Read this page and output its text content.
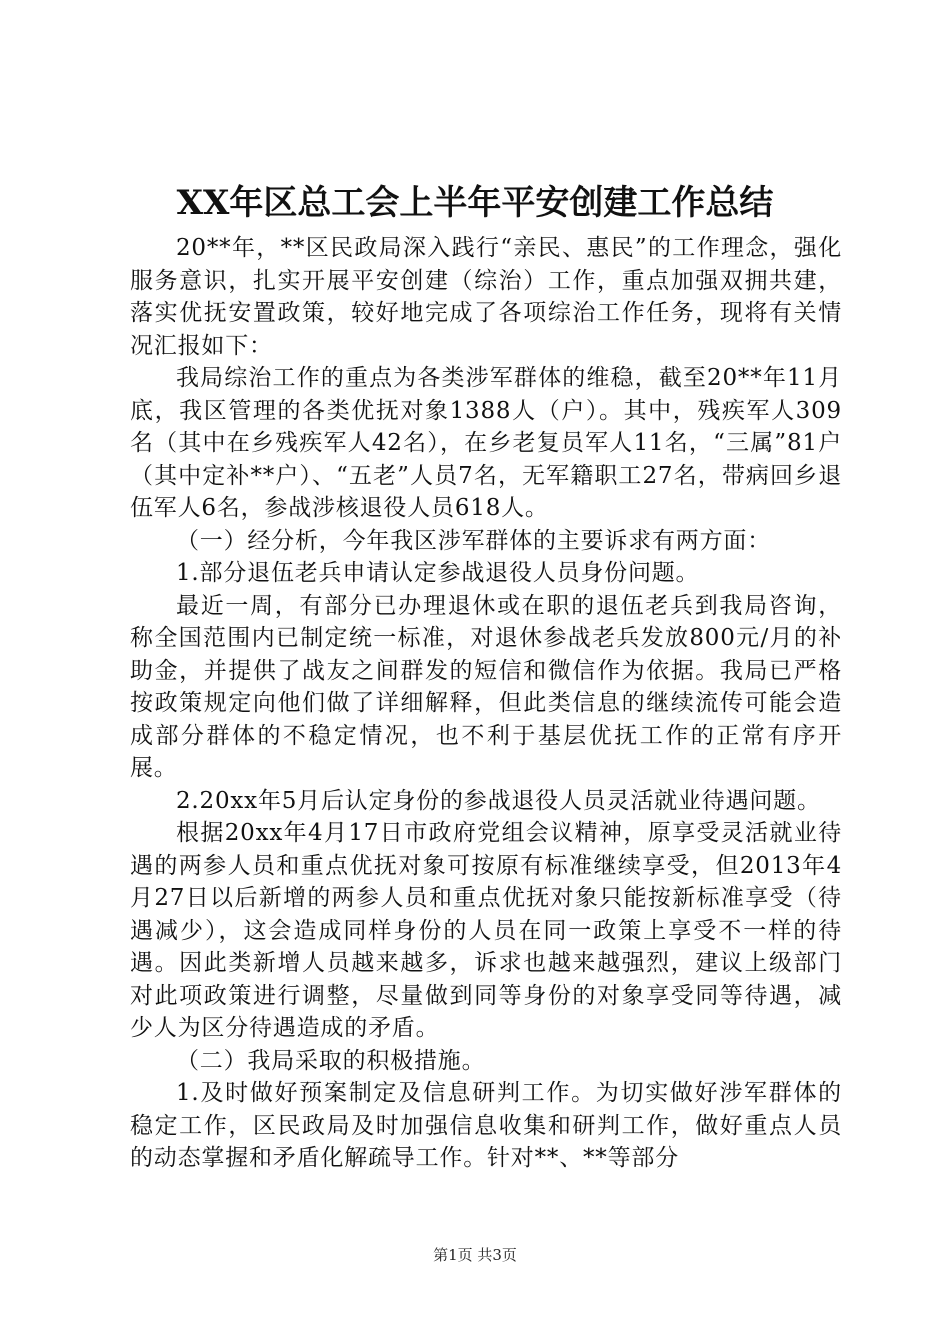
XX年区总工会上半年平安创建工作总结

20**年，**区民政局深入践行“亲民、惠民”的工作理念，强化服务意识，扎实开展平安创建（综治）工作，重点加强双拥共建，落实优抚安置政策，较好地完成了各项综治工作任务，现将有关情况汇报如下：

我局综治工作的重点为各类涉军群体的维稳，截至20**年11月底，我区管理的各类优抚对象1388人（户）。其中，残疾军人309名（其中在乡残疾军人42名），在乡老复员军人11名，“三属”81户（其中定补**户）、“五老”人员7名，无军籍职工27名，带病回乡退伍军人6名，参战涉核退役人员618人。

（一）经分析，今年我区涉军群体的主要诉求有两方面：

1.部分退伍老兵申请认定参战退役人员身份问题。

最近一周，有部分已办理退休或在职的退伍老兵到我局咨询，称全国范围内已制定统一标准，对退休参战老兵发放800元/月的补助金，并提供了战友之间群发的短信和微信作为依据。我局已严格按政策规定向他们做了详细解释，但此类信息的继续流传可能会造成部分群体的不稳定情况，也不利于基层优抚工作的正常有序开展。

2.20xx年5月后认定身份的参战退役人员灵活就业待遇问题。

根据20xx年4月17日市政府党组会议精神，原享受灵活就业待遇的两参人员和重点优抚对象可按原有标准继续享受，但2013年4月27日以后新增的两参人员和重点优抚对象只能按新标准享受（待遇减少），这会造成同样身份的人员在同一政策上享受不一样的待遇。因此类新增人员越来越多，诉求也越来越强烈，建议上级部门对此项政策进行调整，尽量做到同等身份的对象享受同等待遇，减少人为区分待遇造成的矛盾。

（二）我局采取的积极措施。

1.及时做好预案制定及信息研判工作。为切实做好涉军群体的稳定工作，区民政局及时加强信息收集和研判工作，做好重点人员的动态掌握和矛盾化解疏导工作。针对**、**等部分

第1页 共3页
